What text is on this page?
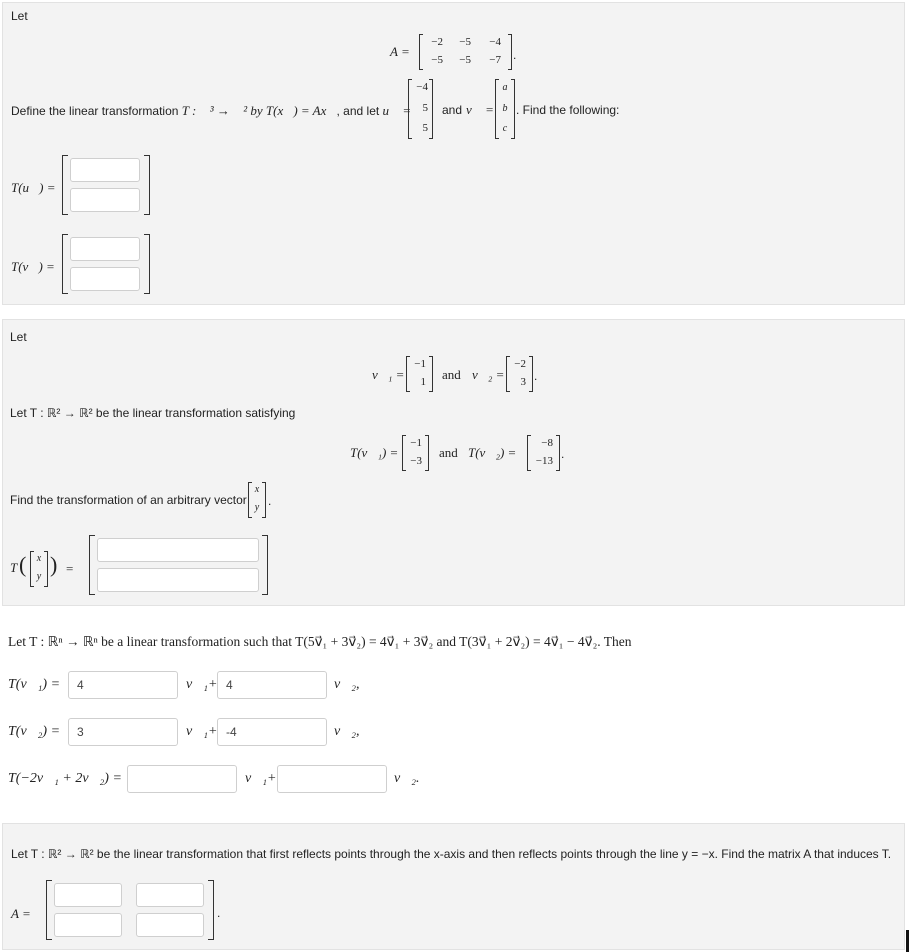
Let
A =
−2	−5	−4
−5	−5	−7 .
Define the linear transformation T : ℝ³ → ℝ² by T(x⃗) = Ax⃗, and let u⃗ =
−4
5
5
and v⃗ =
a
b
c
. Find the following:
T(u⃗) =
T(v⃗) =
Let
v⃗₁ =
−1
1 and v⃗₂ =
−2
3 .
Let T : ℝ² → ℝ² be the linear transformation satisfying
T(v⃗₁) =
−1
−3
and T(v⃗₂) =
−8
−13 .
Find the transformation of an arbitrary vector
x
y .
T (	x
y ) =
Let T : ℝⁿ → ℝⁿ be a linear transformation such that T(5v⃗₁ + 3v⃗₂) = 4v⃗₁ + 3v⃗₂ and T(3v⃗₁ + 2v⃗₂) = 4v⃗₁ − 4v⃗₂. Then
T(v⃗₁) =
4	v⃗₁+
4	v⃗₂,
T(v⃗₂) =
3	v⃗₁+
-4	v⃗₂,
T(−2v⃗₁ + 2v⃗₂) =	v⃗₁+	v⃗₂.
Let T : ℝ² → ℝ² be the linear transformation that first reflects points through the x-axis and then reflects points through the line y = −x. Find the matrix A that induces T.
A =	.
